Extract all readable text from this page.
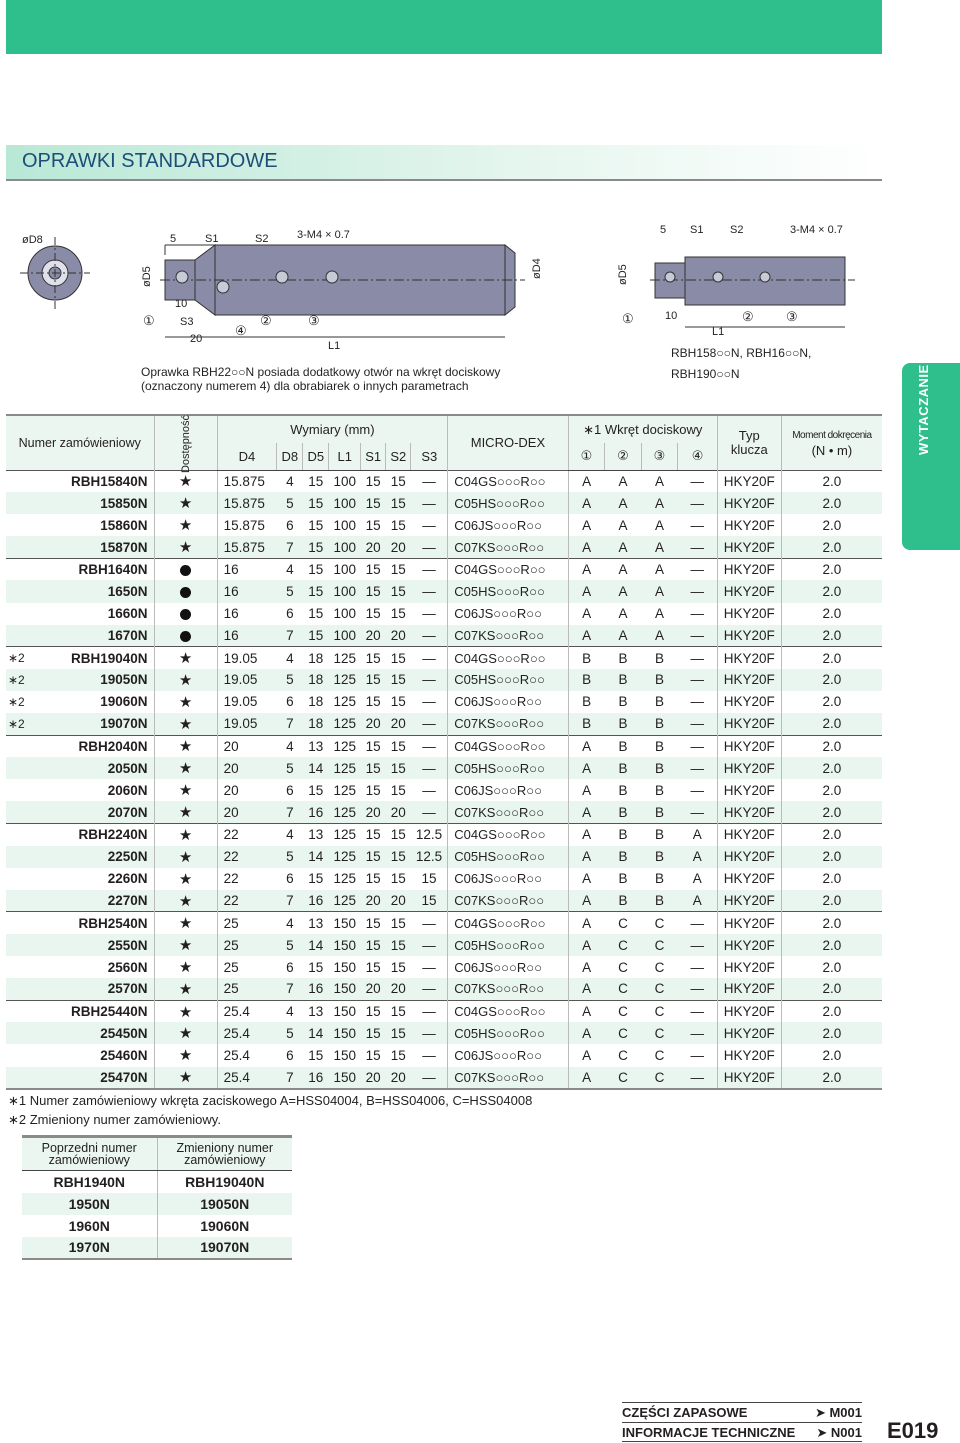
OPRAWKI STANDARDOWE
WYTACZANIE
øD8
øD5	øD4
5	S1	S2	3-M4 × 0.7
10
S3
20
L1
①
④
②	③
5 S1 S2	3-M4 × 0.7
øD5
10
L1
①	② ③
Oprawka RBH22○○N posiada dodatkowy otwór na wkręt dociskowy
(oznaczony numerem 4) dla obrabiarek o innych parametrach
RBH158○○N, RBH16○○N,
RBH190○○N
Numer zamówieniowy		Dostępność	Wymiary (mm)							MICRO-DEX	∗1 Wkręt dociskowy				Typ klucza	Moment dokręcenia
(N • m)

			D4	D8	D5	L1	S1	S2	S3		①	②	③	④		
	RBH15840N	★	15.875	4	15	100	15	15	—	C04GS○○○R○○	A	A	A	—	HKY20F	2.0
	15850N	★	15.875	5	15	100	15	15	—	C05HS○○○R○○	A	A	A	—	HKY20F	2.0
	15860N	★	15.875	6	15	100	15	15	—	C06JS○○○R○○	A	A	A	—	HKY20F	2.0
	15870N	★	15.875	7	15	100	20	20	—	C07KS○○○R○○	A	A	A	—	HKY20F	2.0
	RBH1640N		16	4	15	100	15	15	—	C04GS○○○R○○	A	A	A	—	HKY20F	2.0
	1650N		16	5	15	100	15	15	—	C05HS○○○R○○	A	A	A	—	HKY20F	2.0
	1660N		16	6	15	100	15	15	—	C06JS○○○R○○	A	A	A	—	HKY20F	2.0
	1670N		16	7	15	100	20	20	—	C07KS○○○R○○	A	A	A	—	HKY20F	2.0
∗2	RBH19040N	★	19.05	4	18	125	15	15	—	C04GS○○○R○○	B	B	B	—	HKY20F	2.0
∗2	19050N	★	19.05	5	18	125	15	15	—	C05HS○○○R○○	B	B	B	—	HKY20F	2.0
∗2	19060N	★	19.05	6	18	125	15	15	—	C06JS○○○R○○	B	B	B	—	HKY20F	2.0
∗2	19070N	★	19.05	7	18	125	20	20	—	C07KS○○○R○○	B	B	B	—	HKY20F	2.0
	RBH2040N	★	20	4	13	125	15	15	—	C04GS○○○R○○	A	B	B	—	HKY20F	2.0
	2050N	★	20	5	14	125	15	15	—	C05HS○○○R○○	A	B	B	—	HKY20F	2.0
	2060N	★	20	6	15	125	15	15	—	C06JS○○○R○○	A	B	B	—	HKY20F	2.0
	2070N	★	20	7	16	125	20	20	—	C07KS○○○R○○	A	B	B	—	HKY20F	2.0
	RBH2240N	★	22	4	13	125	15	15	12.5	C04GS○○○R○○	A	B	B	A	HKY20F	2.0
	2250N	★	22	5	14	125	15	15	12.5	C05HS○○○R○○	A	B	B	A	HKY20F	2.0
	2260N	★	22	6	15	125	15	15	15	C06JS○○○R○○	A	B	B	A	HKY20F	2.0
	2270N	★	22	7	16	125	20	20	15	C07KS○○○R○○	A	B	B	A	HKY20F	2.0
	RBH2540N	★	25	4	13	150	15	15	—	C04GS○○○R○○	A	C	C	—	HKY20F	2.0
	2550N	★	25	5	14	150	15	15	—	C05HS○○○R○○	A	C	C	—	HKY20F	2.0
	2560N	★	25	6	15	150	15	15	—	C06JS○○○R○○	A	C	C	—	HKY20F	2.0
	2570N	★	25	7	16	150	20	20	—	C07KS○○○R○○	A	C	C	—	HKY20F	2.0
	RBH25440N	★	25.4	4	13	150	15	15	—	C04GS○○○R○○	A	C	C	—	HKY20F	2.0
	25450N	★	25.4	5	14	150	15	15	—	C05HS○○○R○○	A	C	C	—	HKY20F	2.0
	25460N	★	25.4	6	15	150	15	15	—	C06JS○○○R○○	A	C	C	—	HKY20F	2.0
	25470N	★	25.4	7	16	150	20	20	—	C07KS○○○R○○	A	C	C	—	HKY20F	2.0
∗1 Numer zamówieniowy wkręta zaciskowego A=HSS04004, B=HSS04006, C=HSS04008
∗2 Zmieniony numer zamówieniowy.
Poprzedni numer zamówieniowy	Zmieniony numer zamówieniowy
RBH1940N	RBH19040N
1950N	19050N
1960N	19060N
1970N	19070N
CZĘŚCI ZAPASOWE	➤ M001
INFORMACJE TECHNICZNE ➤ N001 E019
